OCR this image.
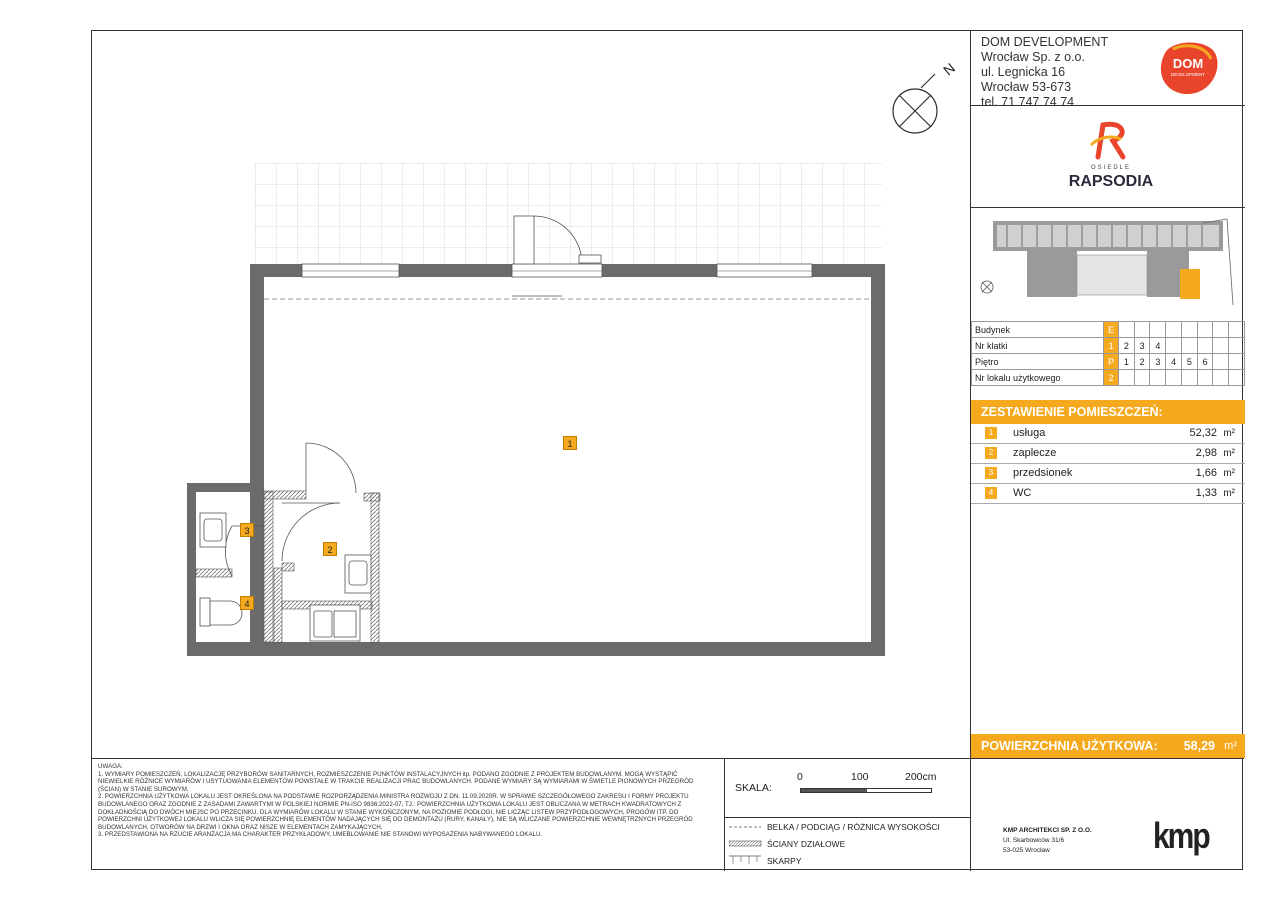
N
1
2
3
4
DOM DEVELOPMENT
Wrocław Sp. z o.o.
ul. Legnicka 16
Wrocław 53-673
tel. 71 747 74 74
DOM
DEVELOPMENT
OSIEDLE
RAPSODIA
Budynek	E								
Nr klatki	1	2	3	4					
Piętro	P	1	2	3	4	5	6		
Nr lokalu użytkowego	2								
ZESTAWIENIE POMIESZCZEŃ:
1	usługa	52,32 m²
2	zaplecze	2,98 m²
3	przedsionek	1,66 m²
4	WC	1,33 m²
POWIERZCHNIA UŻYTKOWA: 58,29 m²
UWAGA:
1. WYMIARY POMIESZCZEŃ, LOKALIZACJĘ PRZYBORÓW SANITARNYCH, ROZMIESZCZENIE PUNKTÓW INSTALACYJNYCH itp. PODANO ZGODNIE Z PROJEKTEM BUDOWLANYM. MOGĄ WYSTĄPIĆ NIEWIELKIE RÓŻNICE WYMIARÓW I USYTUOWANIA ELEMENTÓW POWSTAŁE W TRAKCIE REALIZACJI PRAC BUDOWLANYCH. PODANE WYMIARY SĄ WYMIARAMI W ŚWIETLE PIONOWYCH PRZEGRÓD (ŚCIAN) W STANIE SUROWYM.
2. POWIERZCHNIA UŻYTKOWA LOKALU JEST OKREŚLONA NA PODSTAWIE ROZPORZĄDZENIA MINISTRA ROZWOJU Z DN. 11.09.2020R. W SPRAWIE SZCZEGÓŁOWEGO ZAKRESU I FORMY PROJEKTU BUDOWLANEGO ORAZ ZGODNIE Z ZASADAMI ZAWARTYMI W POLSKIEJ NORMIE PN-ISO 9836:2022-07, TJ.: POWIERZCHNIA UŻYTKOWA LOKALU JEST OBLICZANA W METRACH KWADRATOWYCH Z DOKŁADNOŚCIĄ DO DWÓCH MIEJSC PO PRZECINKU. DLA WYMIARÓW LOKALU W STANIE WYKOŃCZONYM, NA POZIOMIE PODŁOGI, NIE LICZĄC LISTEW PRZYPODŁOGOWYCH, PROGÓW ITP. DO POWIERZCHNI UŻYTKOWEJ LOKALU WLICZA SIĘ POWIERZCHNIĘ ELEMENTÓW NADAJĄCYCH SIĘ DO DEMONTAŻU (RURY, KANAŁY), NIE SĄ WLICZANE POWIERZCHNIE WEWNĘTRZNYCH PRZEGRÓD BUDOWLANYCH, OTWORÓW NA DRZWI I OKNA ORAZ NISZE W ELEMENTACH ZAMYKAJĄCYCH.
3. PRZEDSTAWIONA NA RZUCIE ARANŻACJA MA CHARAKTER PRZYKŁADOWY, UMEBLOWANIE NIE STANOWI WYPOSAŻENIA NABYWANEGO LOKALU.
SKALA:
0	100	200cm
BELKA / PODCIĄG / RÓŻNICA WYSOKOŚCI
ŚCIANY DZIAŁOWE
SKARPY
KMP ARCHITEKCI SP. Z O.O.
Ul. Skarbowców 31/6
53-025 Wrocław	kmp
